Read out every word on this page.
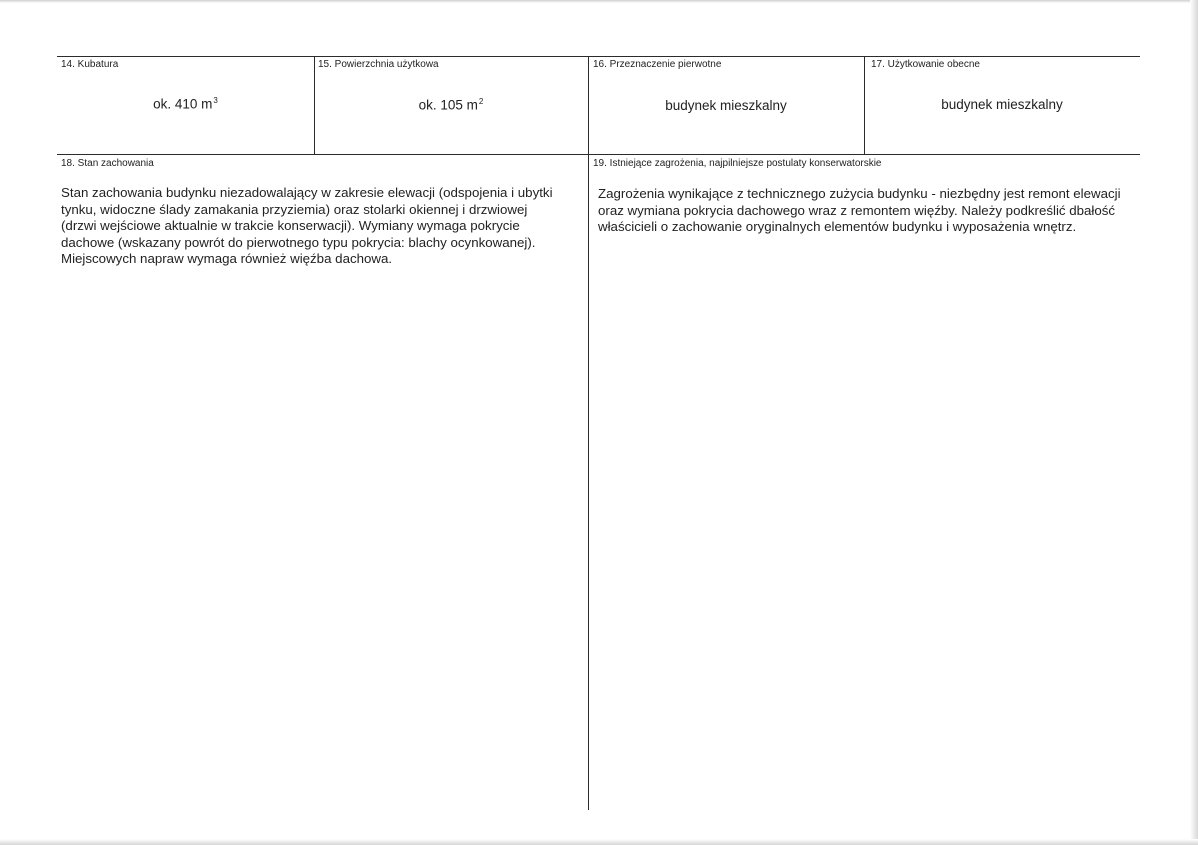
14. Kubatura
ok. 410 $m^3$
15. Powierzchnia użytkowa
ok. 105 $m^2$
16. Przeznaczenie pierwotne
budynek mieszkalny
17. Użytkowanie obecne
budynek mieszkalny
18. Stan zachowania
Stan zachowania budynku niezadowalający w zakresie elewacji (odspojenia i ubytki
tynku, widoczne ślady zamakania przyziemia) oraz stolarki okiennej i drzwiowej
(drzwi wejściowe aktualnie w trakcie konserwacji). Wymiany wymaga pokrycie
dachowe (wskazany powrót do pierwotnego typu pokrycia: blachy ocynkowanej).
Miejscowych napraw wymaga również więźba dachowa.
19. Istniejące zagrożenia, najpilniejsze postulaty konserwatorskie
Zagrożenia wynikające z technicznego zużycia budynku - niezbędny jest remont elewacji
oraz wymiana pokrycia dachowego wraz z remontem więźby. Należy podkreślić dbałość
właścicieli o zachowanie oryginalnych elementów budynku i wyposażenia wnętrz.
